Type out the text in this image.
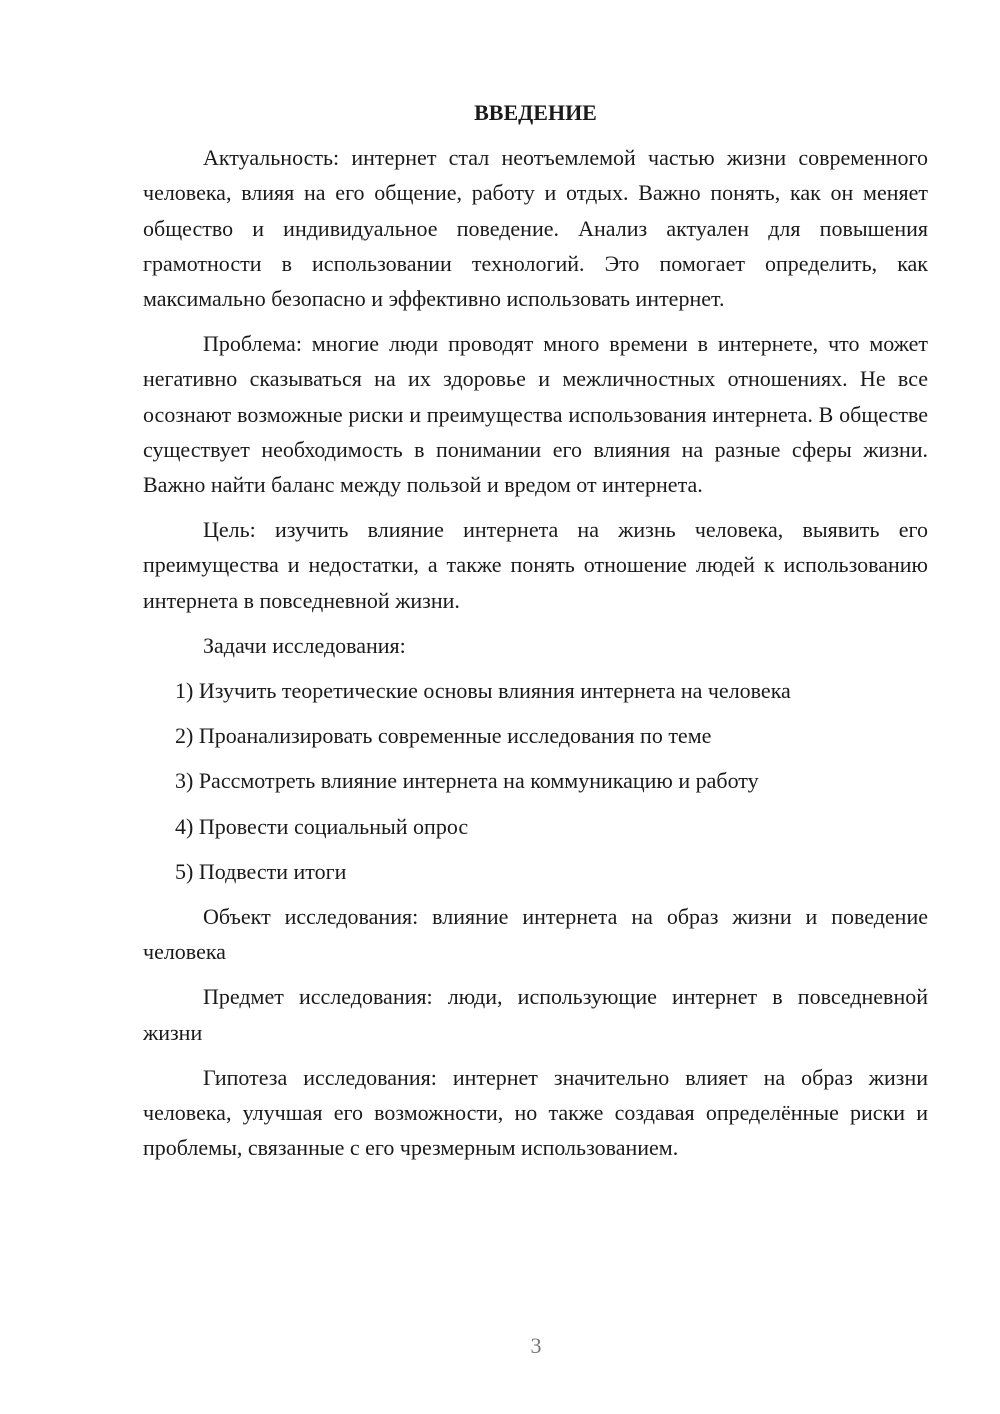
ВВЕДЕНИЕ

Актуальность: интернет стал неотъемлемой частью жизни современного человека, влияя на его общение, работу и отдых. Важно понять, как он меняет общество и индивидуальное поведение. Анализ актуален для повышения грамотности в использовании технологий. Это помогает определить, как максимально безопасно и эффективно использовать интернет.

Проблема: многие люди проводят много времени в интернете, что может негативно сказываться на их здоровье и межличностных отношениях. Не все осознают возможные риски и преимущества использования интернета. В обществе существует необходимость в понимании его влияния на разные сферы жизни. Важно найти баланс между пользой и вредом от интернета.

Цель: изучить влияние интернета на жизнь человека, выявить его преимущества и недостатки, а также понять отношение людей к использованию интернета в повседневной жизни.

Задачи исследования:

1) Изучить теоретические основы влияния интернета на человека

2) Проанализировать современные исследования по теме

3) Рассмотреть влияние интернета на коммуникацию и работу

4) Провести социальный опрос

5) Подвести итоги

Объект исследования: влияние интернета на образ жизни и поведение человека

Предмет исследования: люди, использующие интернет в повседневной жизни

Гипотеза исследования: интернет значительно влияет на образ жизни человека, улучшая его возможности, но также создавая определённые риски и проблемы, связанные с его чрезмерным использованием.

3
